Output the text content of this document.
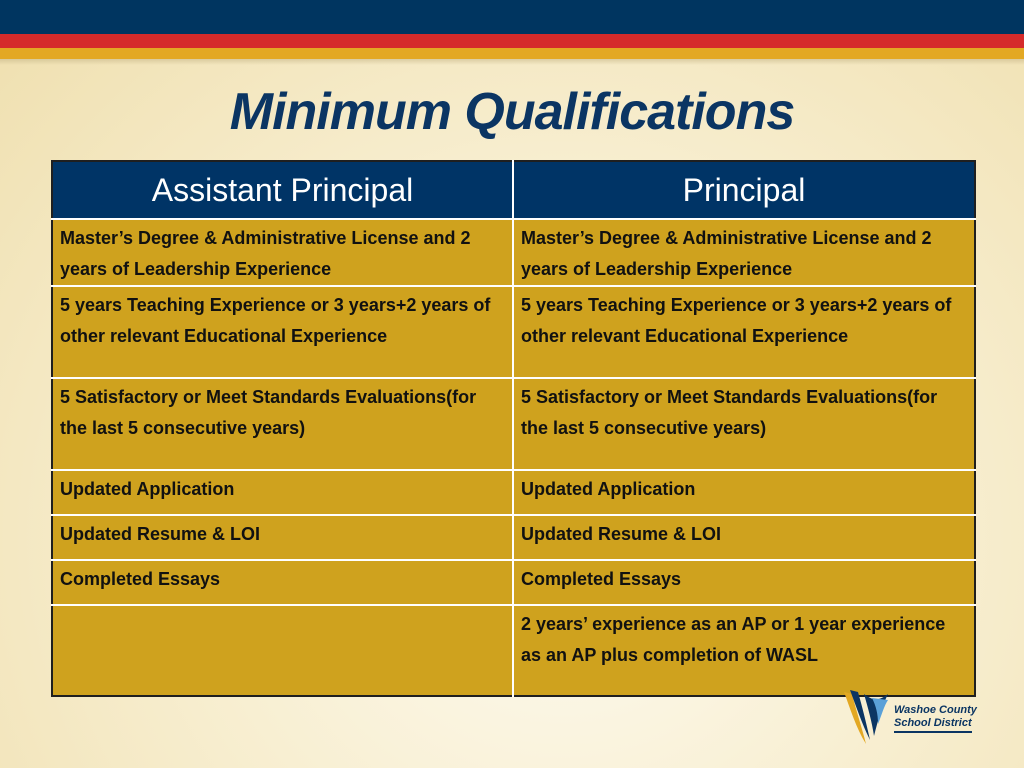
Minimum Qualifications
Assistant Principal	Principal
Master’s Degree & Administrative License and 2 years of Leadership Experience	Master’s Degree & Administrative License and 2 years of Leadership Experience
5 years Teaching Experience or 3 years+2 years of other relevant Educational Experience	5 years Teaching Experience or 3 years+2 years of other relevant Educational Experience
5 Satisfactory or Meet Standards Evaluations(for the last 5 consecutive years)	5 Satisfactory or Meet Standards Evaluations(for the last 5 consecutive years)
Updated Application	Updated Application
Updated Resume & LOI	Updated Resume & LOI
Completed Essays	Completed Essays
	2 years’ experience as an AP or 1 year experience as an AP plus completion of WASL
Washoe County
School District
